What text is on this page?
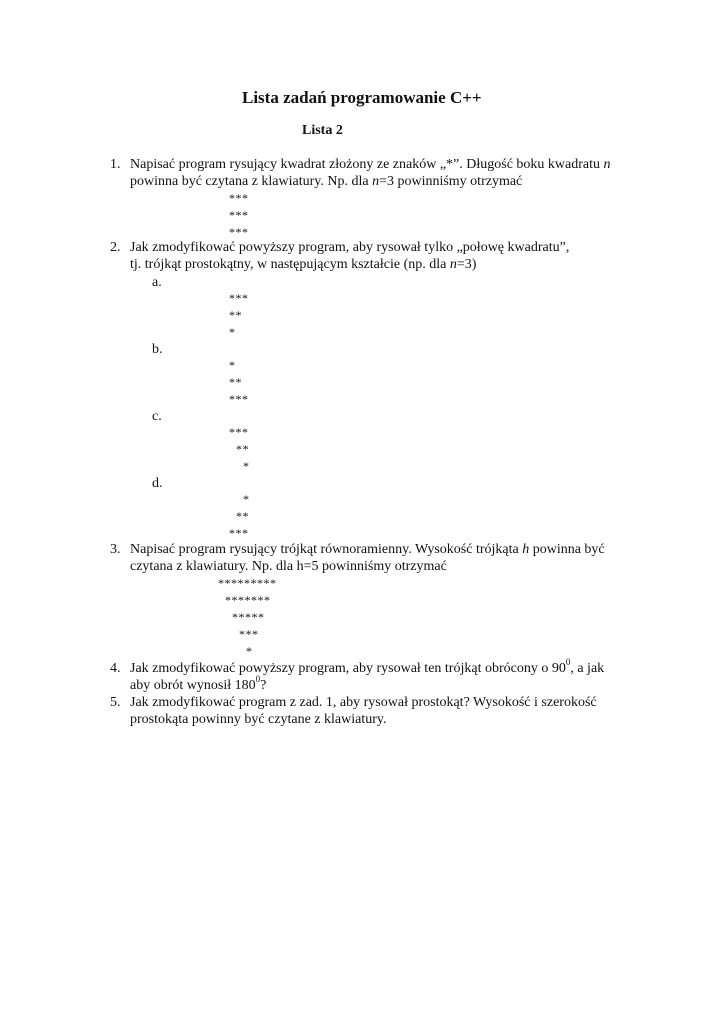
Lista zadań programowanie C++
Lista 2
1. Napisać program rysujący kwadrat złożony ze znaków „*”. Długość boku kwadratu n
powinna być czytana z klawiatury. Np. dla n=3 powinniśmy otrzymać
***
***
***
2. Jak zmodyfikować powyższy program, aby rysował tylko „połowę kwadratu”,
tj. trójkąt prostokątny, w następującym kształcie (np. dla n=3)
a.
***
**
*
b.
*
**
***
c.
***
**
*
d.
*
**
***
3. Napisać program rysujący trójkąt równoramienny. Wysokość trójkąta h powinna być
czytana z klawiatury. Np. dla h=5 powinniśmy otrzymać
*********
*******
*****
***
*
4. Jak zmodyfikować powyższy program, aby rysował ten trójkąt obrócony o $90^0$, a jak
aby obrót wynosił $180^0$?
5. Jak zmodyfikować program z zad. 1, aby rysował prostokąt? Wysokość i szerokość
prostokąta powinny być czytane z klawiatury.
